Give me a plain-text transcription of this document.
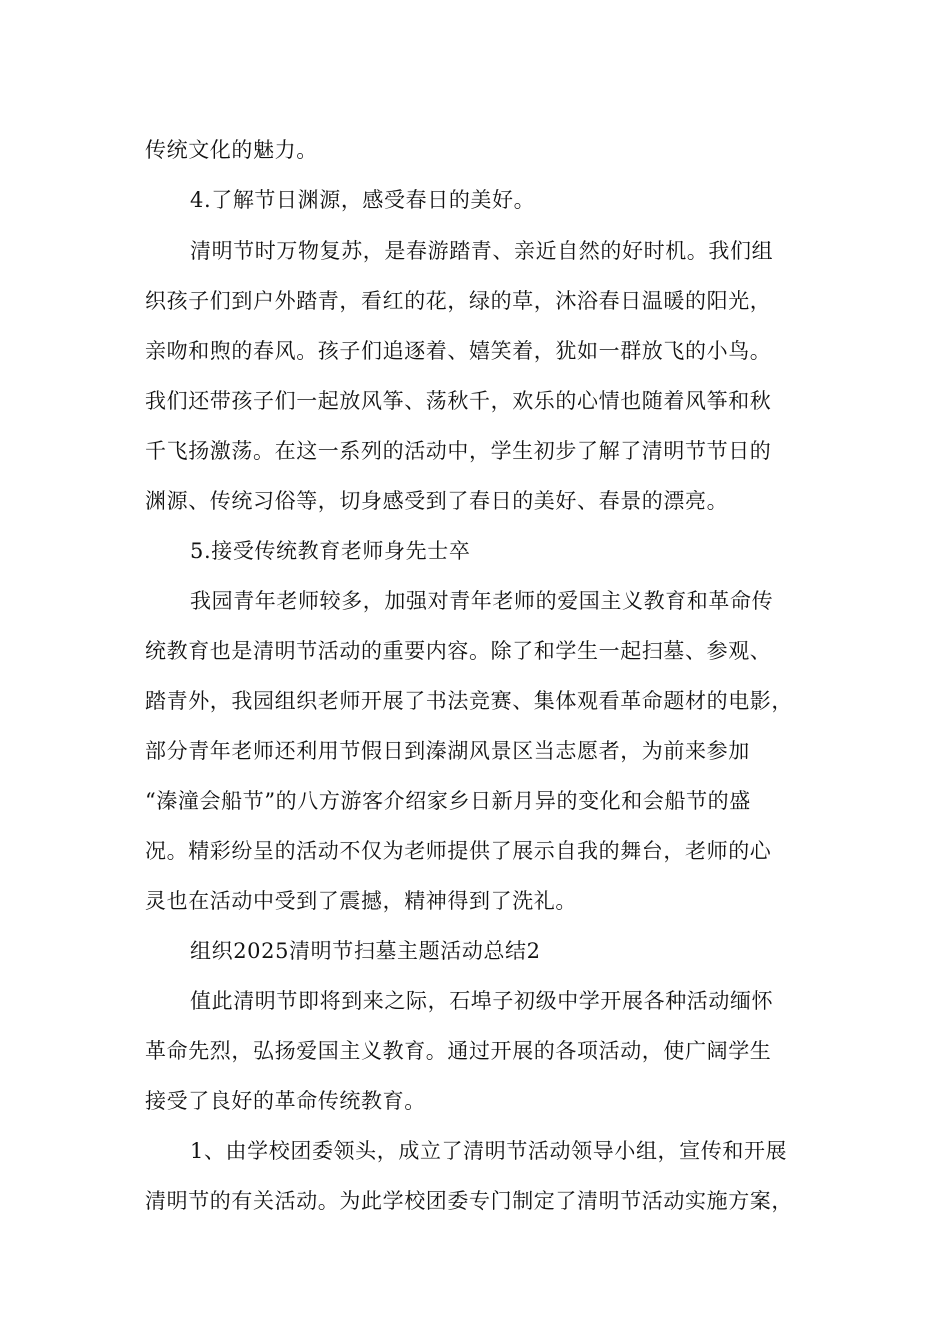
传统文化的魅力。
4.了解节日渊源，感受春日的美好。
清明节时万物复苏，是春游踏青、亲近自然的好时机。我们组
织孩子们到户外踏青，看红的花，绿的草，沐浴春日温暖的阳光，
亲吻和煦的春风。孩子们追逐着、嬉笑着，犹如一群放飞的小鸟。
我们还带孩子们一起放风筝、荡秋千，欢乐的心情也随着风筝和秋
千飞扬激荡。在这一系列的活动中，学生初步了解了清明节节日的
渊源、传统习俗等，切身感受到了春日的美好、春景的漂亮。
5.接受传统教育老师身先士卒
我园青年老师较多，加强对青年老师的爱国主义教育和革命传
统教育也是清明节活动的重要内容。除了和学生一起扫墓、参观、
踏青外，我园组织老师开展了书法竞赛、集体观看革命题材的电影，
部分青年老师还利用节假日到溱湖风景区当志愿者，为前来参加
“溱潼会船节”的八方游客介绍家乡日新月异的变化和会船节的盛
况。精彩纷呈的活动不仅为老师提供了展示自我的舞台，老师的心
灵也在活动中受到了震撼，精神得到了洗礼。
组织2025清明节扫墓主题活动总结2
值此清明节即将到来之际，石埠子初级中学开展各种活动缅怀
革命先烈，弘扬爱国主义教育。通过开展的各项活动，使广阔学生
接受了良好的革命传统教育。
1、由学校团委领头，成立了清明节活动领导小组，宣传和开展
清明节的有关活动。为此学校团委专门制定了清明节活动实施方案，
